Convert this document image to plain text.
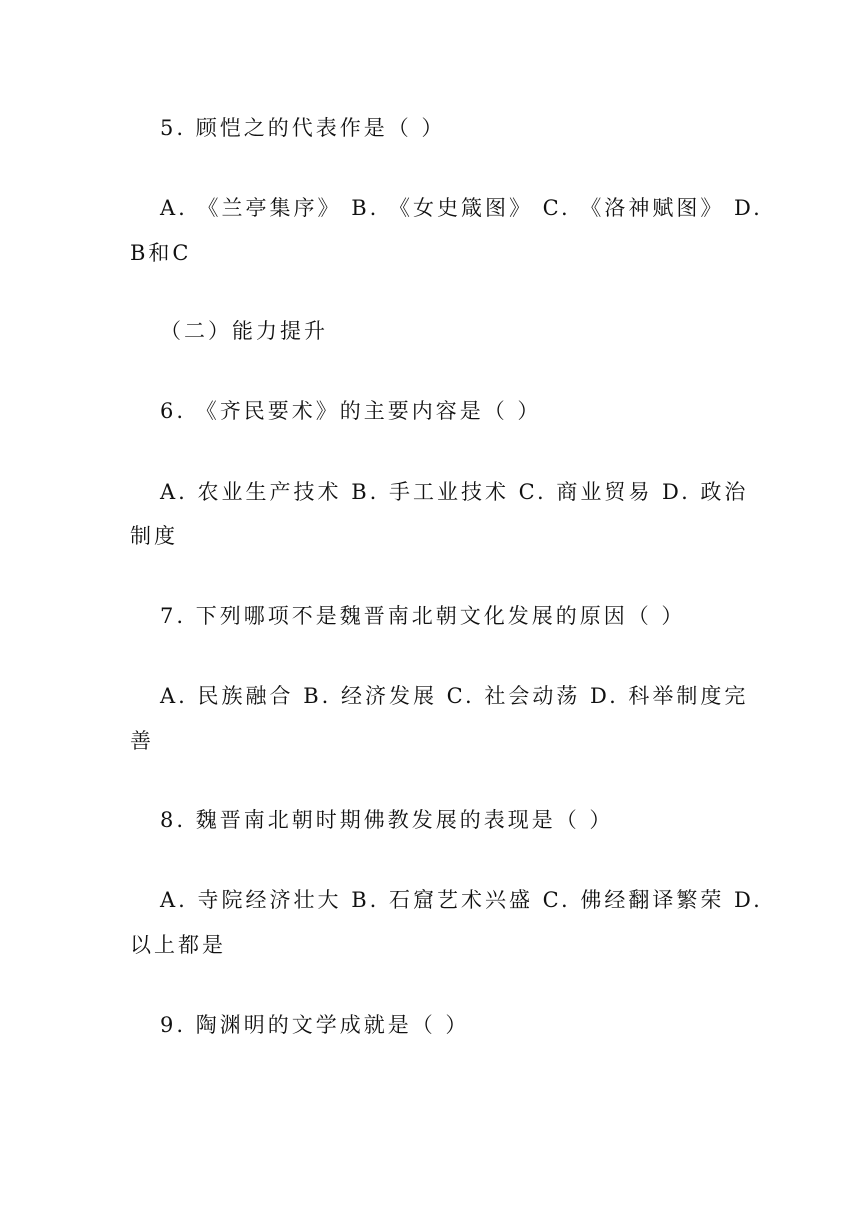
5. 顾恺之的代表作是（ ）
A. 《兰亭集序》 B. 《女史箴图》 C. 《洛神赋图》 D.
B和C
（二）能力提升
6. 《齐民要术》的主要内容是（ ）
A. 农业生产技术 B. 手工业技术 C. 商业贸易 D. 政治
制度
7. 下列哪项不是魏晋南北朝文化发展的原因（ ）
A. 民族融合 B. 经济发展 C. 社会动荡 D. 科举制度完
善
8. 魏晋南北朝时期佛教发展的表现是（ ）
A. 寺院经济壮大 B. 石窟艺术兴盛 C. 佛经翻译繁荣 D.
以上都是
9. 陶渊明的文学成就是（ ）
